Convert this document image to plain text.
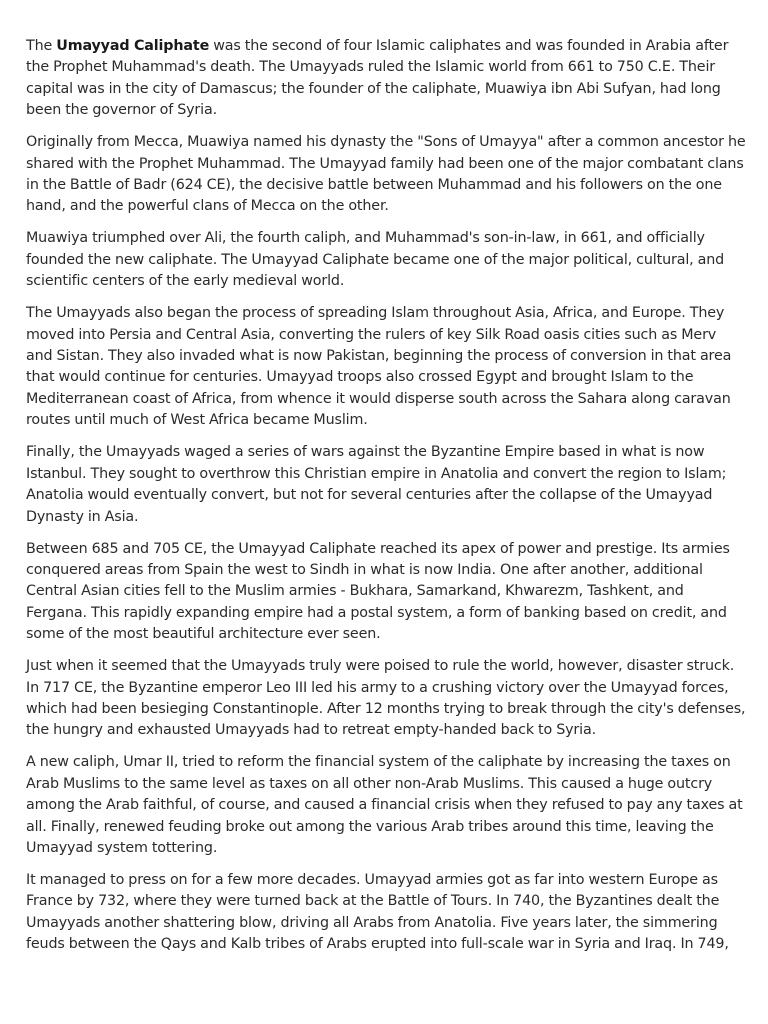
The Umayyad Caliphate was the second of four Islamic caliphates and was founded in Arabia after the Prophet Muhammad's death. The Umayyads ruled the Islamic world from 661 to 750 C.E. Their capital was in the city of Damascus; the founder of the caliphate, Muawiya ibn Abi Sufyan, had long been the governor of Syria.

Originally from Mecca, Muawiya named his dynasty the "Sons of Umayya" after a common ancestor he shared with the Prophet Muhammad. The Umayyad family had been one of the major combatant clans in the Battle of Badr (624 CE), the decisive battle between Muhammad and his followers on the one hand, and the powerful clans of Mecca on the other.

Muawiya triumphed over Ali, the fourth caliph, and Muhammad's son-in-law, in 661, and officially founded the new caliphate. The Umayyad Caliphate became one of the major political, cultural, and scientific centers of the early medieval world.

The Umayyads also began the process of spreading Islam throughout Asia, Africa, and Europe. They moved into Persia and Central Asia, converting the rulers of key Silk Road oasis cities such as Merv and Sistan. They also invaded what is now Pakistan, beginning the process of conversion in that area that would continue for centuries. Umayyad troops also crossed Egypt and brought Islam to the Mediterranean coast of Africa, from whence it would disperse south across the Sahara along caravan routes until much of West Africa became Muslim.

Finally, the Umayyads waged a series of wars against the Byzantine Empire based in what is now Istanbul. They sought to overthrow this Christian empire in Anatolia and convert the region to Islam; Anatolia would eventually convert, but not for several centuries after the collapse of the Umayyad Dynasty in Asia.

Between 685 and 705 CE, the Umayyad Caliphate reached its apex of power and prestige. Its armies conquered areas from Spain the west to Sindh in what is now India. One after another, additional Central Asian cities fell to the Muslim armies - Bukhara, Samarkand, Khwarezm, Tashkent, and Fergana. This rapidly expanding empire had a postal system, a form of banking based on credit, and some of the most beautiful architecture ever seen.

Just when it seemed that the Umayyads truly were poised to rule the world, however, disaster struck. In 717 CE, the Byzantine emperor Leo III led his army to a crushing victory over the Umayyad forces, which had been besieging Constantinople. After 12 months trying to break through the city's defenses, the hungry and exhausted Umayyads had to retreat empty-handed back to Syria.

A new caliph, Umar II, tried to reform the financial system of the caliphate by increasing the taxes on Arab Muslims to the same level as taxes on all other non-Arab Muslims. This caused a huge outcry among the Arab faithful, of course, and caused a financial crisis when they refused to pay any taxes at all. Finally, renewed feuding broke out among the various Arab tribes around this time, leaving the Umayyad system tottering.

It managed to press on for a few more decades. Umayyad armies got as far into western Europe as France by 732, where they were turned back at the Battle of Tours. In 740, the Byzantines dealt the Umayyads another shattering blow, driving all Arabs from Anatolia. Five years later, the simmering feuds between the Qays and Kalb tribes of Arabs erupted into full-scale war in Syria and Iraq. In 749,
